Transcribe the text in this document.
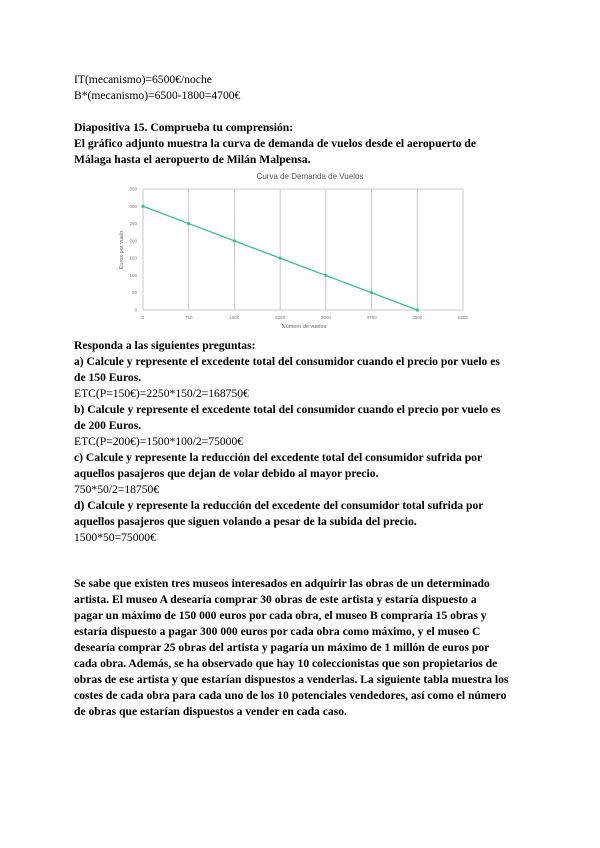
IT(mecanismo)=6500€/noche
B*(mecanismo)=6500-1800=4700€
Diapositiva 15. Comprueba tu comprensión:
El gráfico adjunto muestra la curva de demanda de vuelos desde el aeropuerto de
Málaga hasta el aeropuerto de Milán Malpensa.
Curva de Demanda de Vuelos
0	750	1500	2250	3000	3750	4500	5250
0
50
100
150
200
250
300
350
Número de vuelos
Euros por vuelo
Responda a las siguientes preguntas:
a) Calcule y represente el excedente total del consumidor cuando el precio por vuelo es
de 150 Euros.
ETC(P=150€)=2250*150/2=168750€
b) Calcule y represente el excedente total del consumidor cuando el precio por vuelo es
de 200 Euros.
ETC(P=200€)=1500*100/2=75000€
c) Calcule y represente la reducción del excedente total del consumidor sufrida por
aquellos pasajeros que dejan de volar debido al mayor precio.
750*50/2=18750€
d) Calcule y represente la reducción del excedente del consumidor total sufrida por
aquellos pasajeros que siguen volando a pesar de la subida del precio.
1500*50=75000€
Se sabe que existen tres museos interesados en adquirir las obras de un determinado
artista. El museo A desearía comprar 30 obras de este artista y estaría dispuesto a
pagar un máximo de 150 000 euros por cada obra, el museo B compraría 15 obras y
estaría dispuesto a pagar 300 000 euros por cada obra como máximo, y el museo C
desearía comprar 25 obras del artista y pagaría un máximo de 1 millón de euros por
cada obra. Además, se ha observado que hay 10 coleccionistas que son propietarios de
obras de ese artista y que estarían dispuestos a venderlas. La siguiente tabla muestra los
costes de cada obra para cada uno de los 10 potenciales vendedores, así como el número
de obras que estarían dispuestos a vender en cada caso.
